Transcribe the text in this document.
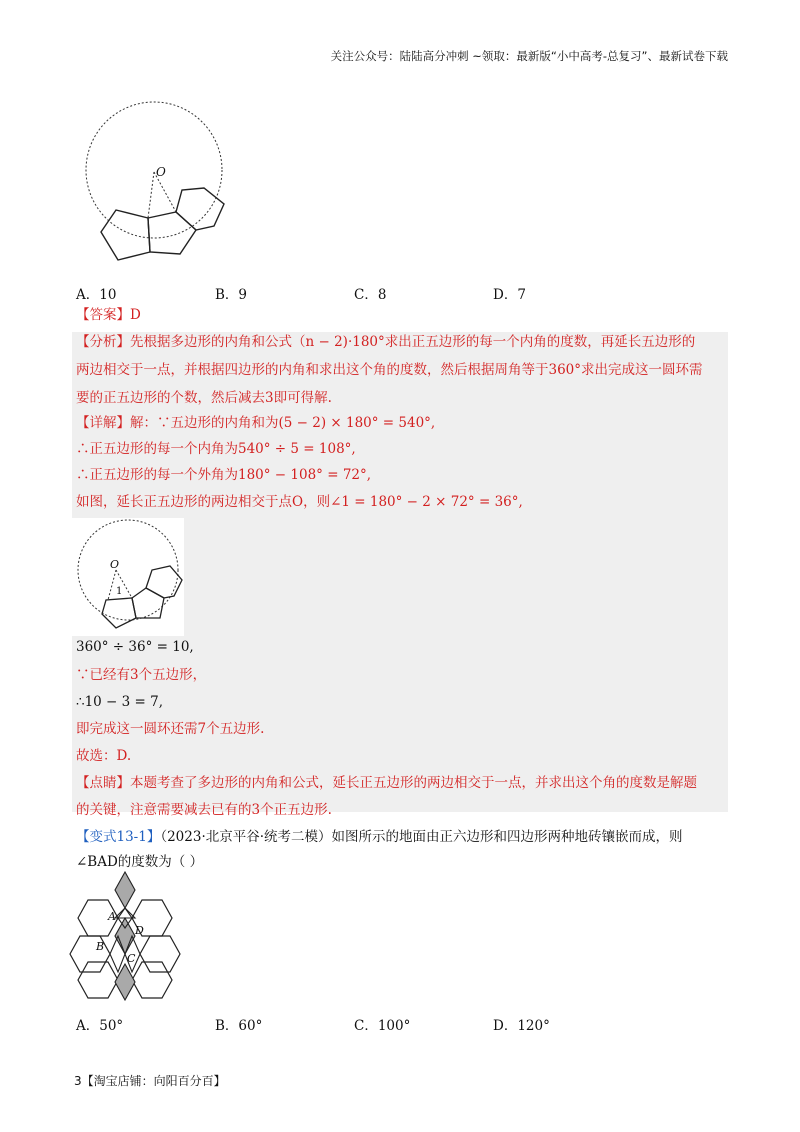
关注公众号：陆陆高分冲刺 ~领取：最新版“小中高考-总复习”、最新试卷下载
O
A．10	B．9	C．8	D．7
【答案】D
【分析】先根据多边形的内角和公式（n − 2)·180°求出正五边形的每一个内角的度数，再延长五边形的
两边相交于一点，并根据四边形的内角和求出这个角的度数，然后根据周角等于360°求出完成这一圆环需
要的正五边形的个数，然后减去3即可得解.
【详解】解：∵五边形的内角和为(5 − 2) × 180° = 540°,
∴正五边形的每一个内角为540° ÷ 5 = 108°,
∴正五边形的每一个外角为180° − 108° = 72°,
如图，延长正五边形的两边相交于点O，则∠1 = 180° − 2 × 72° = 36°,
O
1
360° ÷ 36° = 10,
∵已经有3个五边形，
∴10 − 3 = 7,
即完成这一圆环还需7个五边形.
故选：D.
【点睛】本题考查了多边形的内角和公式，延长正五边形的两边相交于一点，并求出这个角的度数是解题
的关键，注意需要减去已有的3个正五边形.
【变式13-1】（2023·北京平谷·统考二模）如图所示的地面由正六边形和四边形两种地砖镶嵌而成，则
∠BAD的度数为（ ）
A
D
B
C
A．50°	B．60°	C．100°	D．120°
3【淘宝店铺：向阳百分百】
